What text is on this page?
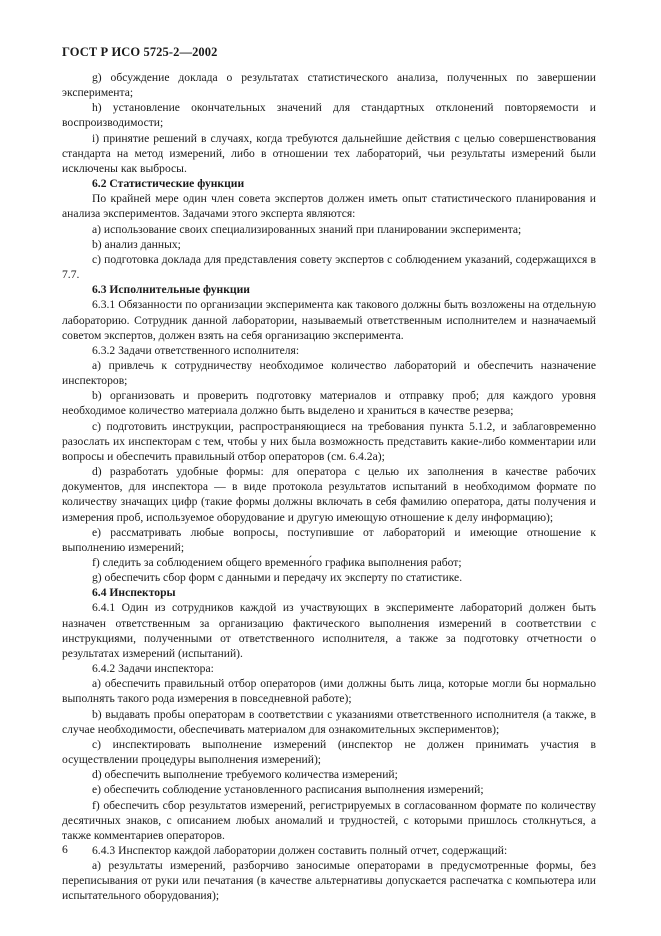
ГОСТ Р ИСО 5725-2—2002

g) обсуждение доклада о результатах статистического анализа, полученных по завершении эксперимента;

h) установление окончательных значений для стандартных отклонений повторяемости и воспроизводимости;

i) принятие решений в случаях, когда требуются дальнейшие действия с целью совершенствования стандарта на метод измерений, либо в отношении тех лабораторий, чьи результаты измерений были исключены как выбросы.

6.2 Статистические функции

По крайней мере один член совета экспертов должен иметь опыт статистического планирования и анализа экспериментов. Задачами этого эксперта являются:

a) использование своих специализированных знаний при планировании эксперимента;

b) анализ данных;

c) подготовка доклада для представления совету экспертов с соблюдением указаний, содержащихся в 7.7.

6.3 Исполнительные функции

6.3.1 Обязанности по организации эксперимента как такового должны быть возложены на отдельную лабораторию. Сотрудник данной лаборатории, называемый ответственным исполнителем и назначаемый советом экспертов, должен взять на себя организацию эксперимента.

6.3.2 Задачи ответственного исполнителя:

a) привлечь к сотрудничеству необходимое количество лабораторий и обеспечить назначение инспекторов;

b) организовать и проверить подготовку материалов и отправку проб; для каждого уровня необходимое количество материала должно быть выделено и храниться в качестве резерва;

c) подготовить инструкции, распространяющиеся на требования пункта 5.1.2, и заблаговременно разослать их инспекторам с тем, чтобы у них была возможность представить какие-либо комментарии или вопросы и обеспечить правильный отбор операторов (см. 6.4.2a);

d) разработать удобные формы: для оператора с целью их заполнения в качестве рабочих документов, для инспектора — в виде протокола результатов испытаний в необходимом формате по количеству значащих цифр (такие формы должны включать в себя фамилию оператора, даты получения и измерения проб, используемое оборудование и другую имеющую отношение к делу информацию);

e) рассматривать любые вопросы, поступившие от лабораторий и имеющие отношение к выполнению измерений;

f) следить за соблюдением общего временно́го графика выполнения работ;

g) обеспечить сбор форм с данными и передачу их эксперту по статистике.

6.4 Инспекторы

6.4.1 Один из сотрудников каждой из участвующих в эксперименте лабораторий должен быть назначен ответственным за организацию фактического выполнения измерений в соответствии с инструкциями, полученными от ответственного исполнителя, а также за подготовку отчетности о результатах измерений (испытаний).

6.4.2 Задачи инспектора:

a) обеспечить правильный отбор операторов (ими должны быть лица, которые могли бы нормально выполнять такого рода измерения в повседневной работе);

b) выдавать пробы операторам в соответствии с указаниями ответственного исполнителя (а также, в случае необходимости, обеспечивать материалом для ознакомительных экспериментов);

c) инспектировать выполнение измерений (инспектор не должен принимать участия в осуществлении процедуры выполнения измерений);

d) обеспечить выполнение требуемого количества измерений;

e) обеспечить соблюдение установленного расписания выполнения измерений;

f) обеспечить сбор результатов измерений, регистрируемых в согласованном формате по количеству десятичных знаков, с описанием любых аномалий и трудностей, с которыми пришлось столкнуться, а также комментариев операторов.

6.4.3 Инспектор каждой лаборатории должен составить полный отчет, содержащий:

a) результаты измерений, разборчиво заносимые операторами в предусмотренные формы, без переписывания от руки или печатания (в качестве альтернативы допускается распечатка с компьютера или испытательного оборудования);

6
